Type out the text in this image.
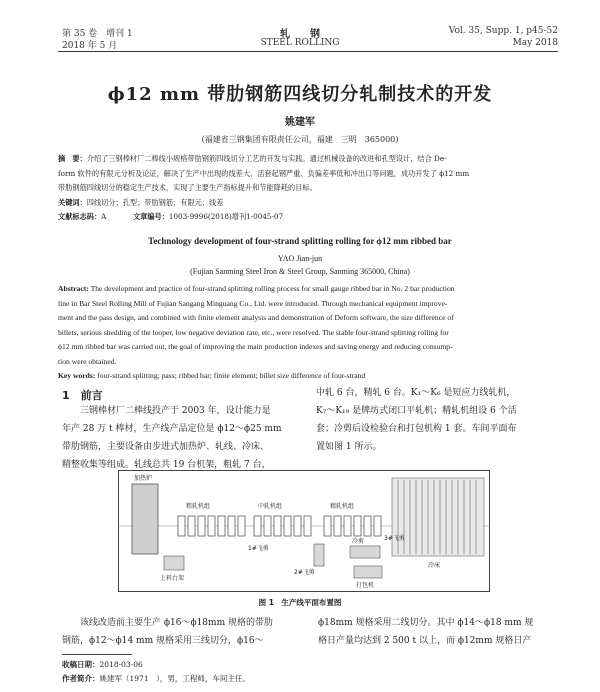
第 35 卷　增刊 1
2018 年 5 月
轧　　钢
STEEL ROLLING
Vol. 35, Supp. 1, p45-52
May 2018
ϕ12 mm 带肋钢筋四线切分轧制技术的开发
姚建军
(福建省三钢集团有限责任公司，福建　三明　365000)
摘　要：介绍了三钢棒材厂二棒线小规格带肋钢筋四线切分工艺的开发与实践。通过机械设备的改进和孔型设计，结合 De-
form 软件的有限元分析及论证，解决了生产中出现的线差大、活套起钢严重、负偏差率低和冲出口等问题，成功开发了 ϕ12 mm
带肋钢筋四线切分的稳定生产技术，实现了主要生产指标提升和节能降耗的目标。
关键词：四线切分；孔型；带肋钢筋；有限元；线差
文献标志码：A	文章编号：1003-9996(2018)增刊1-0045-07
Technology development of four-strand splitting rolling for ϕ12 mm ribbed bar
YAO Jian-jun
(Fujian Sanming Steel Iron & Steel Group, Sanming 365000, China)
Abstract: The development and practice of four-strand splitting rolling process for small gauge ribbed bar in No. 2 bar production
line in Bar Steel Rolling Mill of Fujian Sangang Minguang Co., Ltd. were introduced. Through mechanical equipment improve-
ment and the pass design, and combined with finite element analysis and demonstration of Deform software, the size difference of
billets, serious shedding of the looper, low negative deviation rate, etc., were resolved. The stable four-strand splitting rolling for
ϕ12 mm ribbed bar was carried out, the goal of improving the main production indexes and saving energy and reducing consump-
tion were obtained.
Key words: four-strand splitting; pass; ribbed bar; finite element; billet size difference of four-strand
1　前言
三钢棒材厂二棒线投产于 2003 年，设计能力是
年产 28 万 t 棒材，生产线产品定位是 ϕ12～ϕ25 mm
带肋钢筋，主要设备由步进式加热炉、轧线、冷床、
精整收集等组成。轧线总共 19 台机架，粗轧 7 台，
中轧 6 台，精轧 6 台。K₁～K₆ 是短应力线轧机，
K₇～K₁₉ 是牌坊式闭口平轧机；精轧机组设 6 个活
套；冷剪后设检验台和打包机构 1 套。车间平面布
置如图 1 所示。
加热炉
粗轧机组	中轧机组	精轧机组
冷剪
冷床
1#飞剪
2#飞剪
3#飞剪
上料台架
打包机
图 1　生产线平面布置图
该线改造前主要生产 ϕ16～ϕ18mm 规格的带肋
钢筋，ϕ12～ϕ14 mm 规格采用三线切分，ϕ16～
ϕ18mm 规格采用二线切分。其中 ϕ14～ϕ18 mm 规
格日产量均达到 2 500 t 以上，而 ϕ12mm 规格日产
收稿日期：2018-03-06
作者简介：姚建军（1971　），男，工程师，车间主任。
